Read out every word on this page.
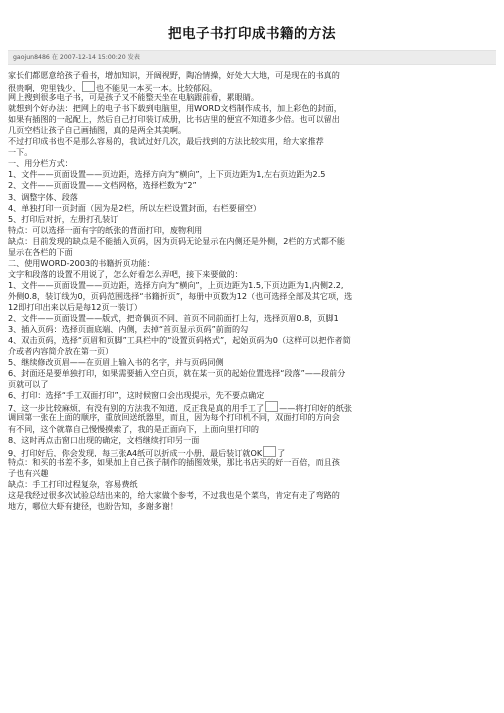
把电子书打印成书籍的方法
gaojun8486 在 2007-12-14 15:00:20 发表
家长们都愿意给孩子看书，增加知识，开阔视野，陶冶情操，好处大大地，可是现在的书真的
很贵啊，兜里钱少， 也不能见一本买一本。比较郁闷。
网上搜到很多电子书，可是孩子又不能整天坐在电脑跟前看，累眼睛。
就想到个好办法：把网上的电子书下载到电脑里，用WORD文档制作成书，加上彩色的封面，
如果有插图的一起配上，然后自己打印装订成册，比书店里的便宜不知道多少倍。也可以留出
几页空档让孩子自己画插图，真的是两全其美啊。
不过打印成书也不是那么容易的，我试过好几次，最后找到的方法比较实用，给大家推荐
一下。
一、用分栏方式：
1、文件——页面设置——页边距，选择方向为“横向”，上下页边距为1,左右页边距为2.5
2、文件——页面设置——文档网格，选择栏数为“2”
3、调整字体、段落
4、单独打印一页封面（因为是2栏，所以左栏设置封面，右栏要留空）
5、打印后对折，左册打孔装订
特点：可以选择一面有字的纸张的背面打印，废物利用
缺点：目前发现的缺点是不能插入页码，因为页码无论显示在内侧还是外侧，2栏的方式都不能
显示在各栏的下面
二、使用WORD-2003的书籍折页功能：
文字和段落的设置不用说了，怎么好看怎么弄吧，接下来要做的：
1、文件——页面设置——页边距，选择方向为“横向”，上页边距为1.5,下页边距为1,内侧2.2,
外侧0.8，装订线为0，页码范围选择“书籍折页”，每册中页数为12（也可选择全部及其它项，选
12即打印出来以后是每12页一装订）
2、文件——页面设置——版式，把奇偶页不同、首页不同前面打上勾，选择页眉0.8，页脚1
3、插入页码：选择页面底端、内侧，去掉“首页显示页码”前面的勾
4、双击页码，选择“页眉和页脚”工具栏中的“设置页码格式”，起始页码为0（这样可以把作者简
介或者内容简介放在第一页）
5、继续修改页眉——在页眉上输入书的名字，并与页码同侧
6、封面还是要单独打印，如果需要插入空白页，就在某一页的起始位置选择“段落”——段前分
页就可以了
6、打印：选择“手工双面打印”，这时候窗口会出现提示，先不要点确定
7、这一步比较麻烦，有没有别的方法我不知道，反正我是真的用手工了 ——将打印好的纸张
调回第一张在上面的顺序，重放回送纸器里，而且，因为每个打印机不同，双面打印的方向会
有不同，这个就靠自己慢慢摸索了，我的是正面向下，上面向里打印的
8、这时再点击窗口出现的确定，文档继续打印另一面
9、打印好后，你会发现，每三张A4纸可以折成一小册，最后装订就OK 了
特点：和买的书差不多，如果加上自己孩子制作的插图效果，那比书店买的好一百倍，而且孩
子也有兴趣
缺点：手工打印过程复杂，容易费纸
这是我经过很多次试验总结出来的，给大家做个参考，不过我也是个菜鸟，肯定有走了弯路的
地方，哪位大虾有捷径，也盼告知，多谢多谢！
